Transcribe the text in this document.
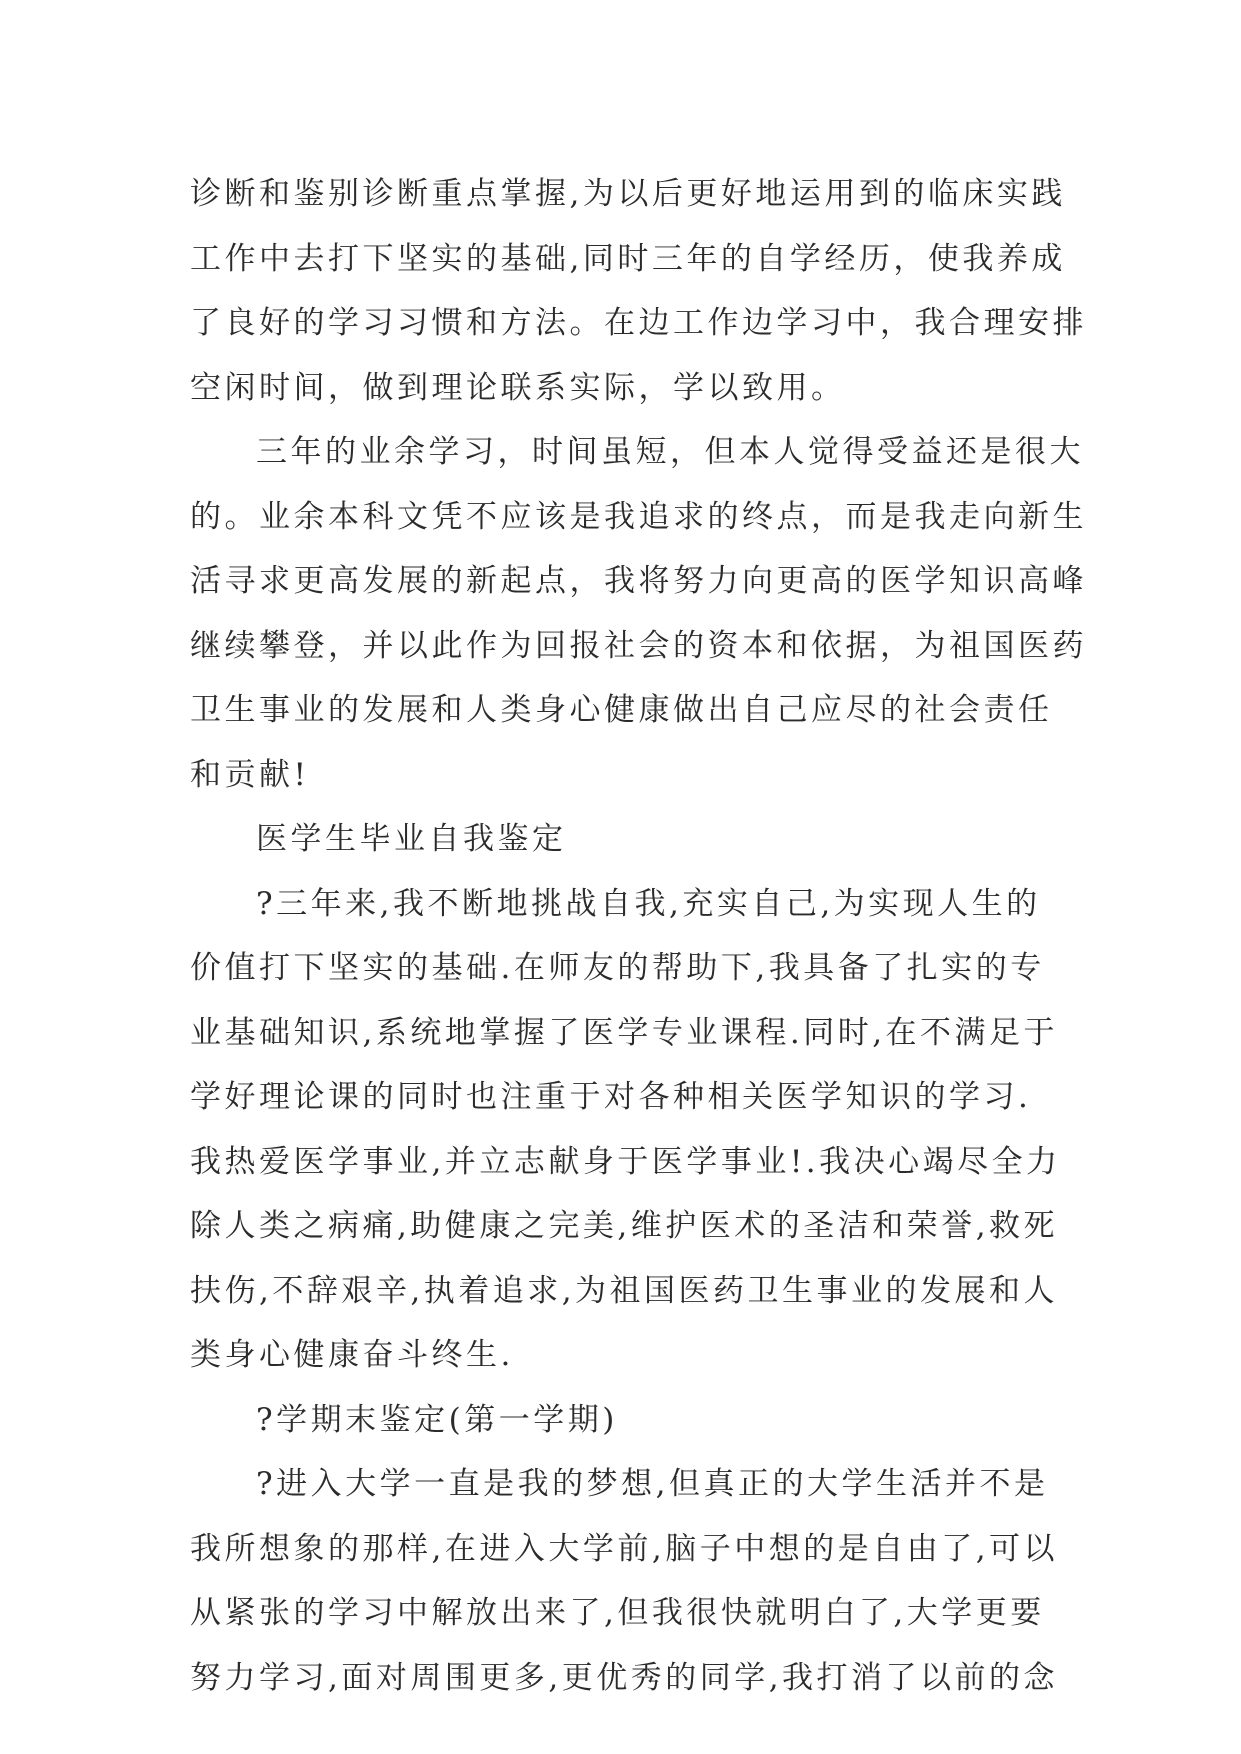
诊断和鉴别诊断重点掌握,为以后更好地运用到的临床实践
工作中去打下坚实的基础,同时三年的自学经历，使我养成
了良好的学习习惯和方法。在边工作边学习中，我合理安排
空闲时间，做到理论联系实际，学以致用。
三年的业余学习，时间虽短，但本人觉得受益还是很大
的。业余本科文凭不应该是我追求的终点，而是我走向新生
活寻求更高发展的新起点，我将努力向更高的医学知识高峰
继续攀登，并以此作为回报社会的资本和依据，为祖国医药
卫生事业的发展和人类身心健康做出自己应尽的社会责任
和贡献!
医学生毕业自我鉴定
?三年来,我不断地挑战自我,充实自己,为实现人生的
价值打下坚实的基础.在师友的帮助下,我具备了扎实的专
业基础知识,系统地掌握了医学专业课程.同时,在不满足于
学好理论课的同时也注重于对各种相关医学知识的学习.
我热爱医学事业,并立志献身于医学事业!.我决心竭尽全力
除人类之病痛,助健康之完美,维护医术的圣洁和荣誉,救死
扶伤,不辞艰辛,执着追求,为祖国医药卫生事业的发展和人
类身心健康奋斗终生.
?学期末鉴定(第一学期)
?进入大学一直是我的梦想,但真正的大学生活并不是
我所想象的那样,在进入大学前,脑子中想的是自由了,可以
从紧张的学习中解放出来了,但我很快就明白了,大学更要
努力学习,面对周围更多,更优秀的同学,我打消了以前的念
